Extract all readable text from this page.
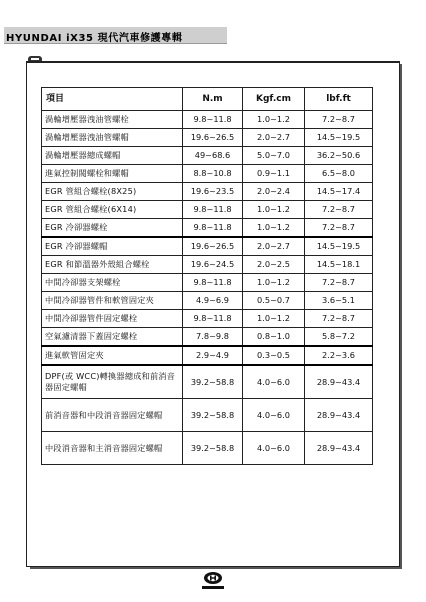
HYUNDAI iX35 現代汽車修護專輯
項目	N.m	Kgf.cm	lbf.ft
渦輪增壓器洩油管螺栓	9.8~11.8	1.0~1.2	7.2~8.7
渦輪增壓器洩油管螺帽	19.6~26.5	2.0~2.7	14.5~19.5
渦輪增壓器總成螺帽	49~68.6	5.0~7.0	36.2~50.6
進氣控制閥螺栓和螺帽	8.8~10.8	0.9~1.1	6.5~8.0
EGR 管組合螺栓(8X25)	19.6~23.5	2.0~2.4	14.5~17.4
EGR 管組合螺栓(6X14)	9.8~11.8	1.0~1.2	7.2~8.7
EGR 冷卻器螺栓	9.8~11.8	1.0~1.2	7.2~8.7
EGR 冷卻器螺帽	19.6~26.5	2.0~2.7	14.5~19.5
EGR 和節溫器外殼組合螺栓	19.6~24.5	2.0~2.5	14.5~18.1
中間冷卻器支架螺栓	9.8~11.8	1.0~1.2	7.2~8.7
中間冷卻器管件和軟管固定夾	4.9~6.9	0.5~0.7	3.6~5.1
中間冷卻器管件固定螺栓	9.8~11.8	1.0~1.2	7.2~8.7
空氣濾清器下蓋固定螺栓	7.8~9.8	0.8~1.0	5.8~7.2
進氣軟管固定夾	2.9~4.9	0.3~0.5	2.2~3.6
DPF(或 WCC)轉換器總成和前消音器固定螺帽	39.2~58.8	4.0~6.0	28.9~43.4
前消音器和中段消音器固定螺帽	39.2~58.8	4.0~6.0	28.9~43.4
中段消音器和主消音器固定螺帽	39.2~58.8	4.0~6.0	28.9~43.4
